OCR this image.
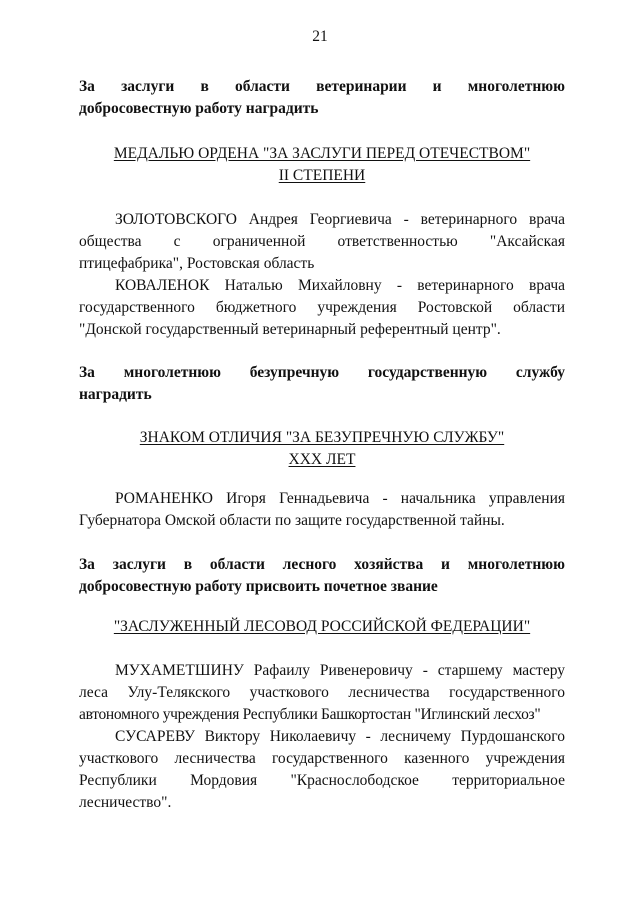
21
За заслуги в области ветеринарии и многолетнюю
добросовестную работу наградить
МЕДАЛЬЮ ОРДЕНА "ЗА ЗАСЛУГИ ПЕРЕД ОТЕЧЕСТВОМ"
II СТЕПЕНИ
ЗОЛОТОВСКОГО Андрея Георгиевича - ветеринарного врача
общества с ограниченной ответственностью "Аксайская
птицефабрика", Ростовская область
КОВАЛЕНОК Наталью Михайловну - ветеринарного врача
государственного бюджетного учреждения Ростовской области
"Донской государственный ветеринарный референтный центр".
За многолетнюю безупречную государственную службу
наградить
ЗНАКОМ ОТЛИЧИЯ "ЗА БЕЗУПРЕЧНУЮ СЛУЖБУ"
XXX ЛЕТ
РОМАНЕНКО Игоря Геннадьевича - начальника управления
Губернатора Омской области по защите государственной тайны.
За заслуги в области лесного хозяйства и многолетнюю
добросовестную работу присвоить почетное звание
"ЗАСЛУЖЕННЫЙ ЛЕСОВОД РОССИЙСКОЙ ФЕДЕРАЦИИ"
МУХАМЕТШИНУ Рафаилу Ривенеровичу - старшему мастеру
леса Улу-Телякского участкового лесничества государственного
автономного учреждения Республики Башкортостан "Иглинский лесхоз"
СУСАРЕВУ Виктору Николаевичу - лесничему Пурдошанского
участкового лесничества государственного казенного учреждения
Республики Мордовия "Краснослободское территориальное
лесничество".
